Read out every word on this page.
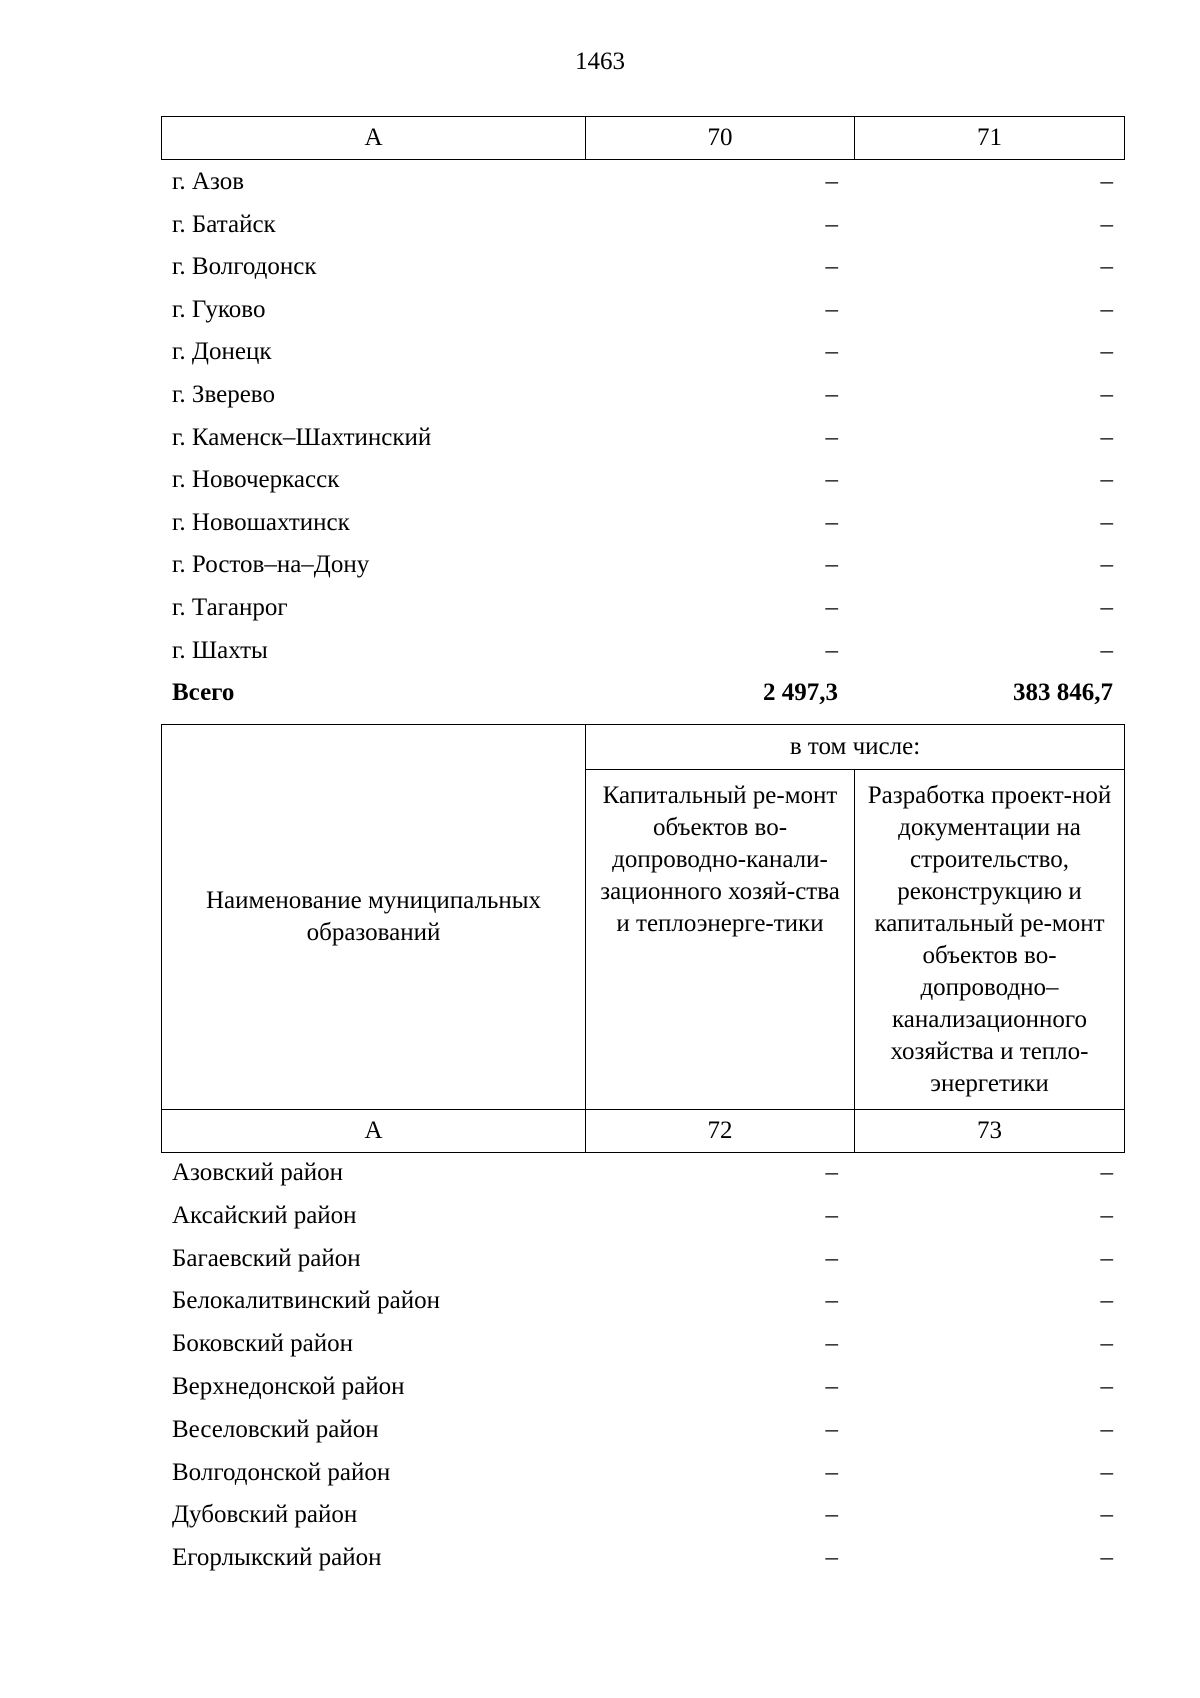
1463
А	70	71
г. Азов	–	–
г. Батайск	–	–
г. Волгодонск	–	–
г. Гуково	–	–
г. Донецк	–	–
г. Зверево	–	–
г. Каменск–Шахтинский	–	–
г. Новочеркасск	–	–
г. Новошахтинск	–	–
г. Ростов–на–Дону	–	–
г. Таганрог	–	–
г. Шахты	–	–
Всего	2 497,3	383 846,7
Наименование муниципальных образований	в том числе:	
	Капитальный ре-монт объектов во-допроводно-канали-зационного хозяй-ства и теплоэнерге-тики	Разработка проект-ной документации на строительство, реконструкцию и капитальный ре-монт объектов во-допроводно–канализационного хозяйства и тепло-энергетики
А	72	73
Азовский район	–	–
Аксайский район	–	–
Багаевский район	–	–
Белокалитвинский район	–	–
Боковский район	–	–
Верхнедонской район	–	–
Веселовский район	–	–
Волгодонской район	–	–
Дубовский район	–	–
Егорлыкский район	–	–
